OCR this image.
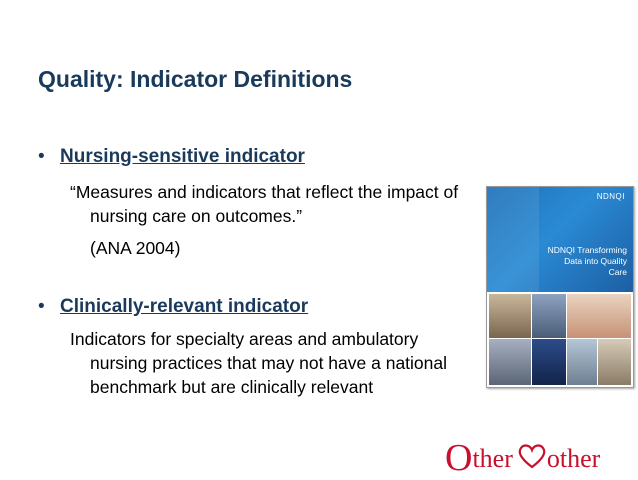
Quality: Indicator Definitions
• Nursing-sensitive indicator

“Measures and indicators that reflect the impact of nursing care on outcomes.”

(ANA 2004)

• Clinically-relevant indicator

Indicators for specialty areas and ambulatory nursing practices that may not have a national benchmark but are clinically relevant

NDNQI
NDNQI Transforming
Data into Quality Care
Other other
